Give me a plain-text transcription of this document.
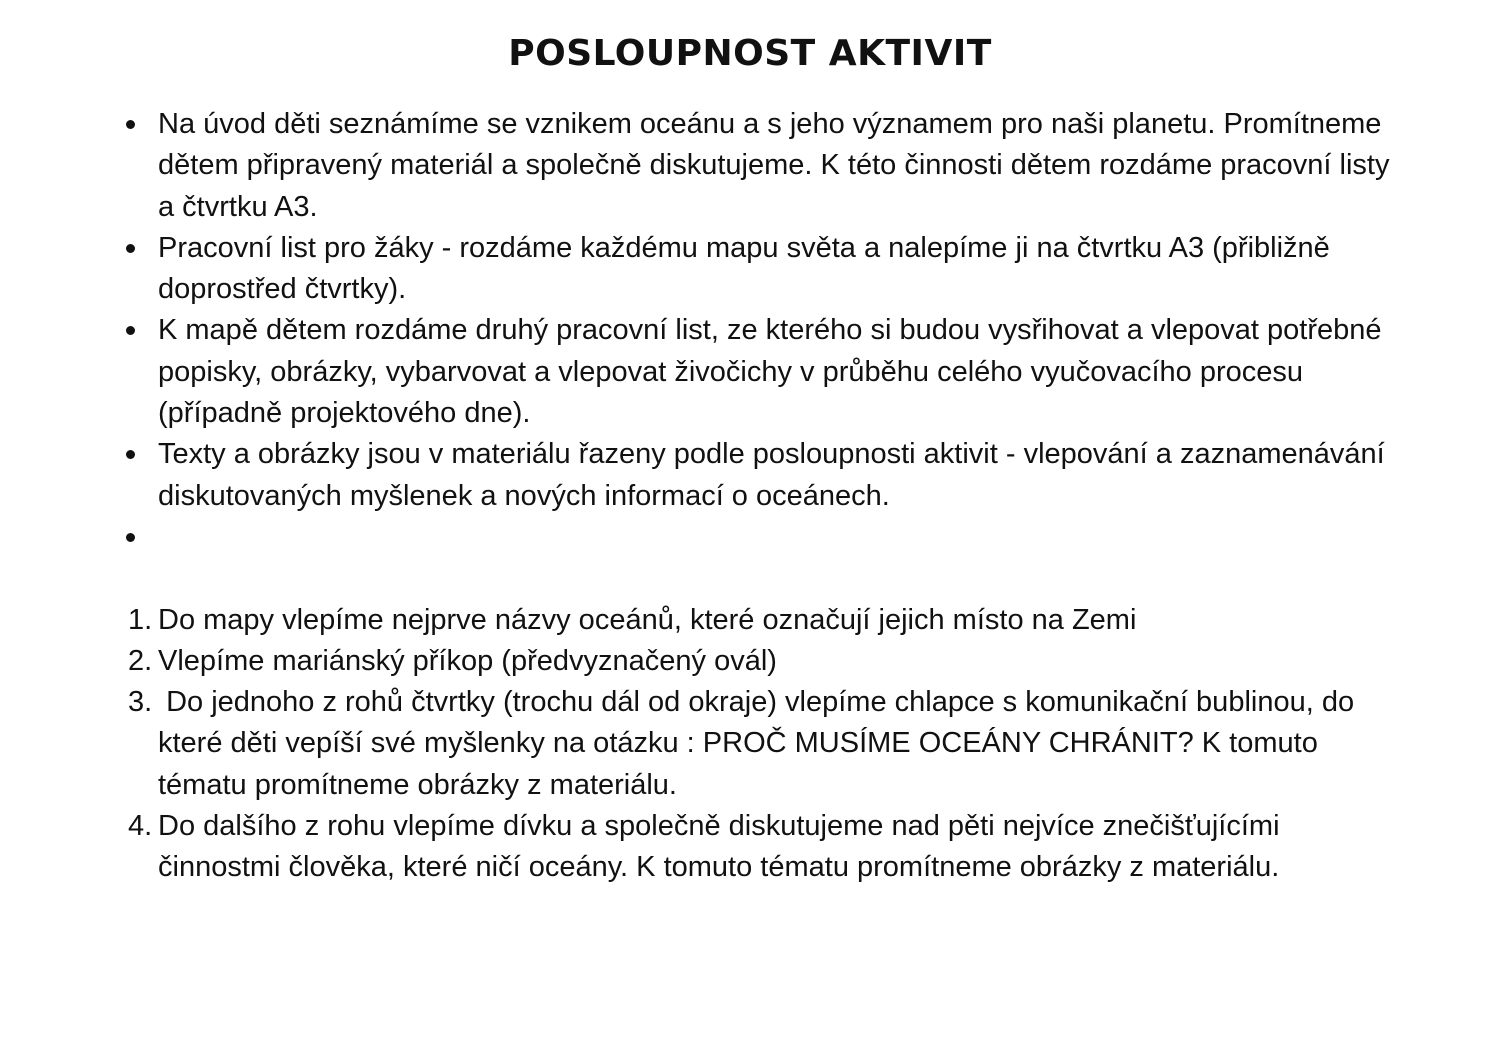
POSLOUPNOST AKTIVIT
Na úvod děti seznámíme se vznikem oceánu a s jeho významem pro naši planetu. Promítneme dětem připravený materiál a společně diskutujeme. K této činnosti dětem rozdáme pracovní listy a čtvrtku A3.
Pracovní list pro žáky - rozdáme každému mapu světa a nalepíme ji na čtvrtku A3 (přibližně doprostřed čtvrtky).
K mapě dětem rozdáme druhý pracovní list, ze kterého si budou vysřihovat a vlepovat potřebné popisky, obrázky, vybarvovat a vlepovat živočichy v průběhu celého vyučovacího procesu (případně projektového dne).
Texty a obrázky jsou v materiálu řazeny podle posloupnosti aktivit - vlepování a zaznamenávání diskutovaných myšlenek a nových informací o oceánech.
1. Do mapy vlepíme nejprve názvy oceánů, které označují jejich místo na Zemi
2. Vlepíme mariánský příkop (předvyznačený ovál)
3. Do jednoho z rohů čtvrtky (trochu dál od okraje) vlepíme chlapce s komunikační bublinou, do které děti vepíší své myšlenky na otázku : PROČ MUSÍME OCEÁNY CHRÁNIT? K tomuto tématu promítneme obrázky z materiálu.
4. Do dalšího z rohu vlepíme dívku a společně diskutujeme nad pěti nejvíce znečišťujícími činnostmi člověka, které ničí oceány. K tomuto tématu promítneme obrázky z materiálu.
